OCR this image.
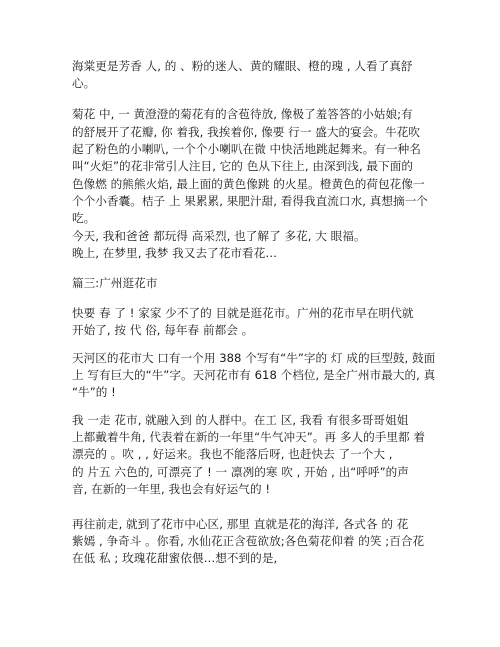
海棠更是芳香 人, 的 、粉的迷人、黄的耀眼、橙的瑰 , 人看了真舒
心。
菊花 中, 一 黄澄澄的菊花有的含苞待放, 像极了羞答答的小姑娘;有
的舒展开了花瓣, 你 着我, 我挨着你, 像要 行一 盛大的宴会。牛花吹
起了粉色的小喇叭, 一个个小喇叭在微 中快活地跳起舞来。有一种名
叫“火炬”的花非常引人注目, 它的 色从下往上, 由深到浅, 最下面的
色像燃 的熊熊火焰, 最上面的黄色像跳 的火星。橙黄色的荷包花像一
个个小香囊。桔子 上 果累累, 果肥汁甜, 看得我直流口水, 真想摘一个
吃。
今天, 我和爸爸 都玩得 高采烈, 也了解了 多花, 大 眼福。
晚上, 在梦里, 我梦 我又去了花市看花…
篇三:广州逛花市
快要 春 了 ! 家家 少不了的 目就是逛花市。广州的花市早在明代就
开始了, 按 代 俗, 每年春 前都会 。
天河区的花市大 口有一个用 388 个写有“牛”字的 灯 成的巨型鼓, 鼓面
上 写有巨大的“牛”字。天河花市有 618 个档位, 是全广州市最大的, 真
“牛”的 !
我 一走 花市, 就融入到 的人群中。在工 区, 我看 有很多哥哥姐姐
上都戴着牛角, 代表着在新的一年里“牛气冲天”。再 多人的手里都 着
漂亮的 。吹 , , 好运来。我也不能落后呀, 也赶快去 了一个大 ,
的 片五 六色的, 可漂亮了 ! 一 凛冽的寒 吹 , 开始 , 出“呼呼”的声
音, 在新的一年里, 我也会有好运气的 !
再往前走, 就到了花市中心区, 那里 直就是花的海洋, 各式各 的 花
紫嫣 , 争奇斗 。你看, 水仙花正含苞欲放;各色菊花仰着 的笑 ;百合花
在低 私 ; 玫瑰花甜蜜依偎…想不到的是,
